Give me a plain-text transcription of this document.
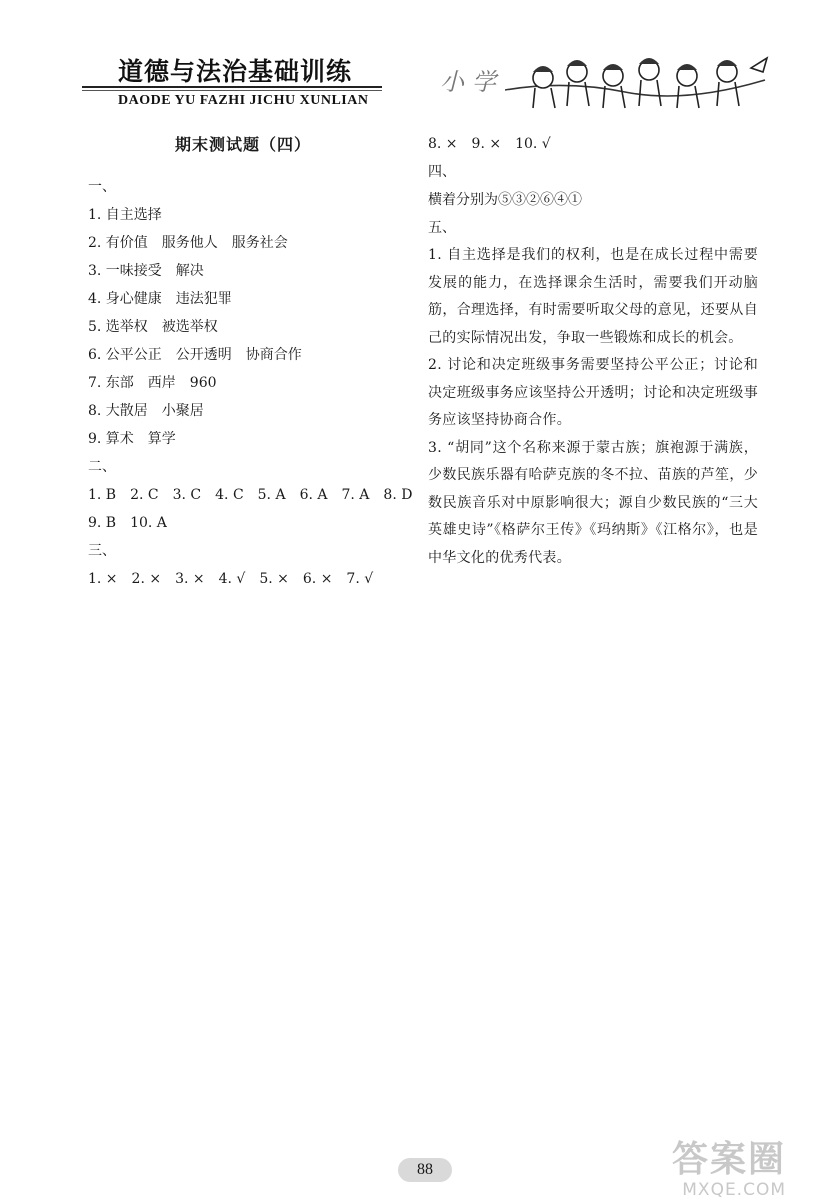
道德与法治基础训练
DAODE YU FAZHI JICHU XUNLIAN
小学
期末测试题（四）
一、
1. 自主选择
2. 有价值　服务他人　服务社会
3. 一味接受　解决
4. 身心健康　违法犯罪
5. 选举权　被选举权
6. 公平公正　公开透明　协商合作
7. 东部　西岸　960
8. 大散居　小聚居
9. 算术　算学
二、
1. B　2. C　3. C　4. C　5. A　6. A　7. A　8. D
9. B　10. A
三、
1. ×　2. ×　3. ×　4. √　5. ×　6. ×　7. √
8. ×　9. ×　10. √
四、
横着分别为⑤③②⑥④①
五、
1. 自主选择是我们的权利，也是在成长过程中需要发展的能力，在选择课余生活时，需要我们开动脑筋，合理选择，有时需要听取父母的意见，还要从自己的实际情况出发，争取一些锻炼和成长的机会。
2. 讨论和决定班级事务需要坚持公平公正；讨论和决定班级事务应该坚持公开透明；讨论和决定班级事务应该坚持协商合作。
3. “胡同”这个名称来源于蒙古族；旗袍源于满族，少数民族乐器有哈萨克族的冬不拉、苗族的芦笙，少数民族音乐对中原影响很大；源自少数民族的“三大英雄史诗”《格萨尔王传》《玛纳斯》《江格尔》，也是中华文化的优秀代表。
88	答案圈
MXQE.COM
